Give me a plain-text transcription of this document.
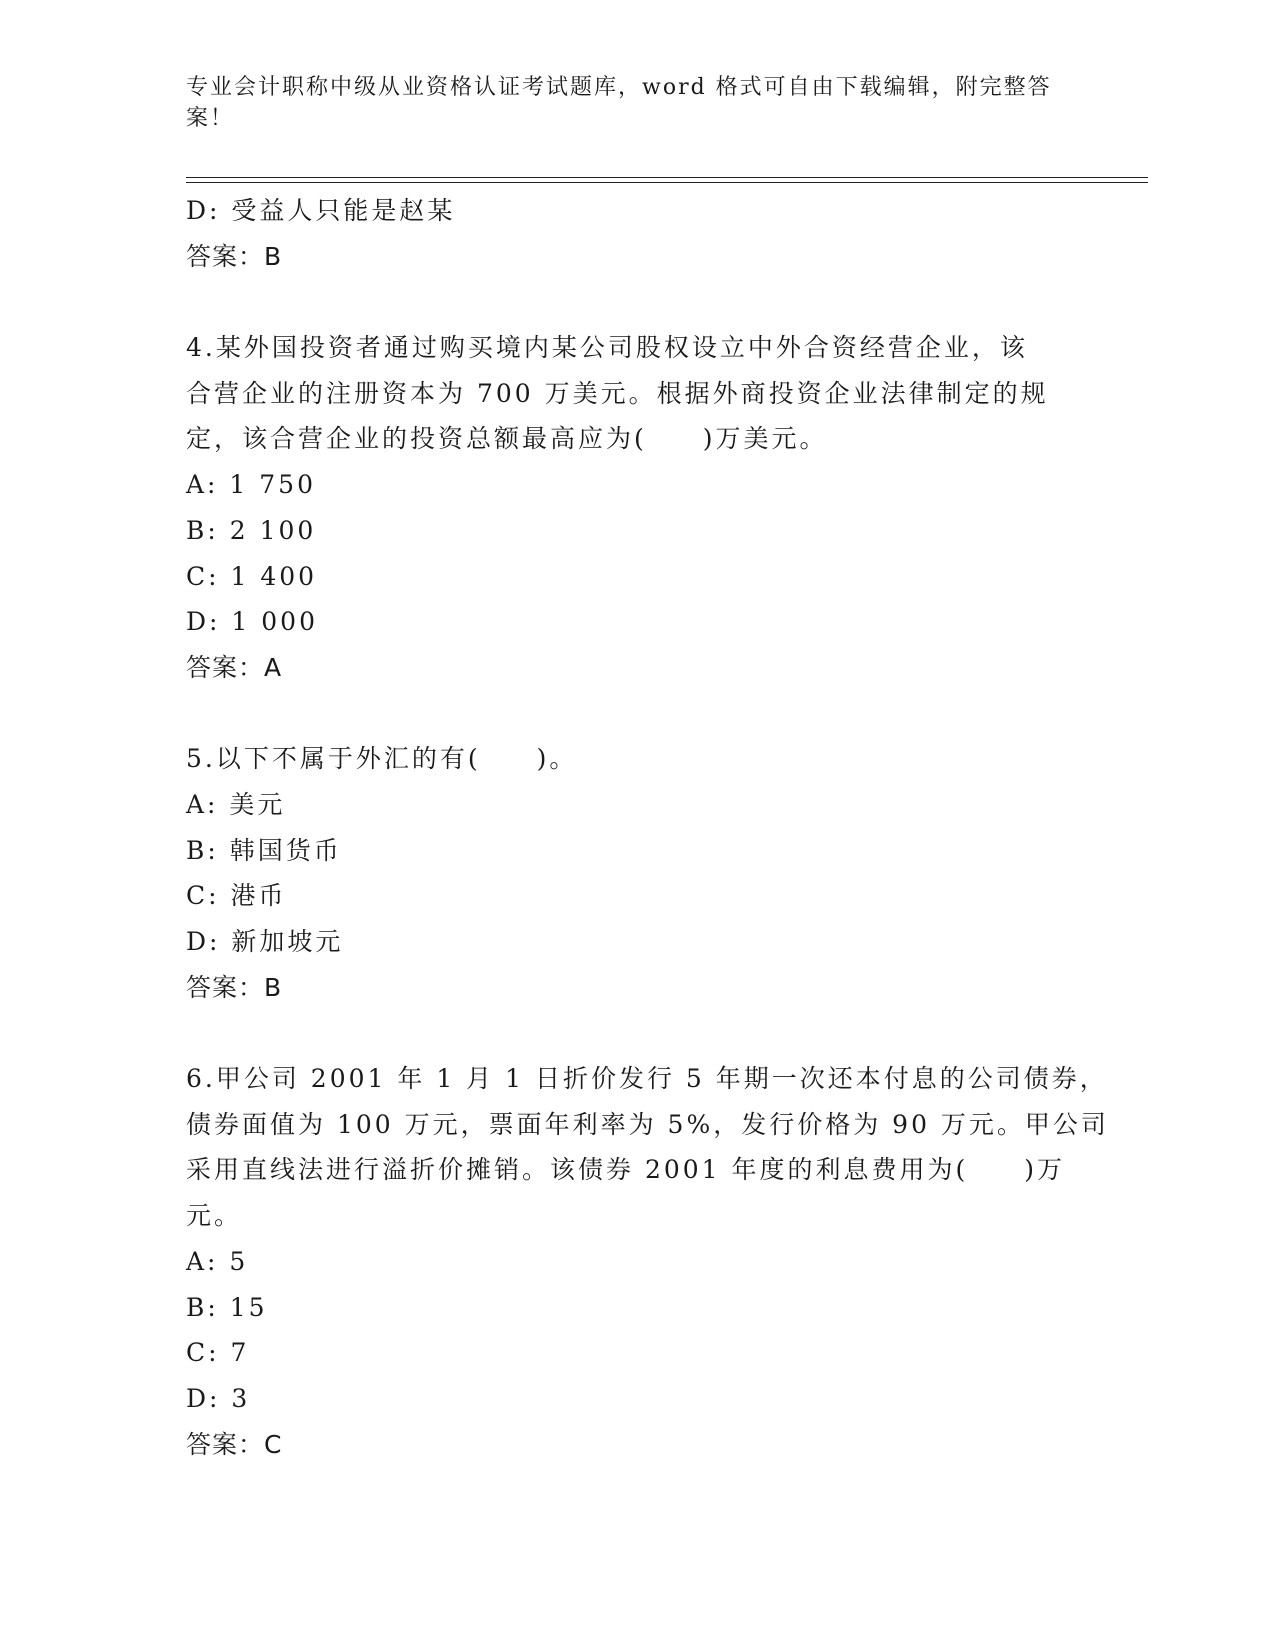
专业会计职称中级从业资格认证考试题库，word 格式可自由下载编辑，附完整答案！
D: 受益人只能是赵某
答案：B
4.某外国投资者通过购买境内某公司股权设立中外合资经营企业，该
合营企业的注册资本为 700 万美元。根据外商投资企业法律制定的规
定，该合营企业的投资总额最高应为(　　)万美元。
A: 1 750
B: 2 100
C: 1 400
D: 1 000
答案：A
5.以下不属于外汇的有(　　)。
A: 美元
B: 韩国货币
C: 港币
D: 新加坡元
答案：B
6.甲公司 2001 年 1 月 1 日折价发行 5 年期一次还本付息的公司债券，
债券面值为 100 万元，票面年利率为 5%，发行价格为 90 万元。甲公司
采用直线法进行溢折价摊销。该债券 2001 年度的利息费用为(　　)万
元。
A: 5
B: 15
C: 7
D: 3
答案：C
